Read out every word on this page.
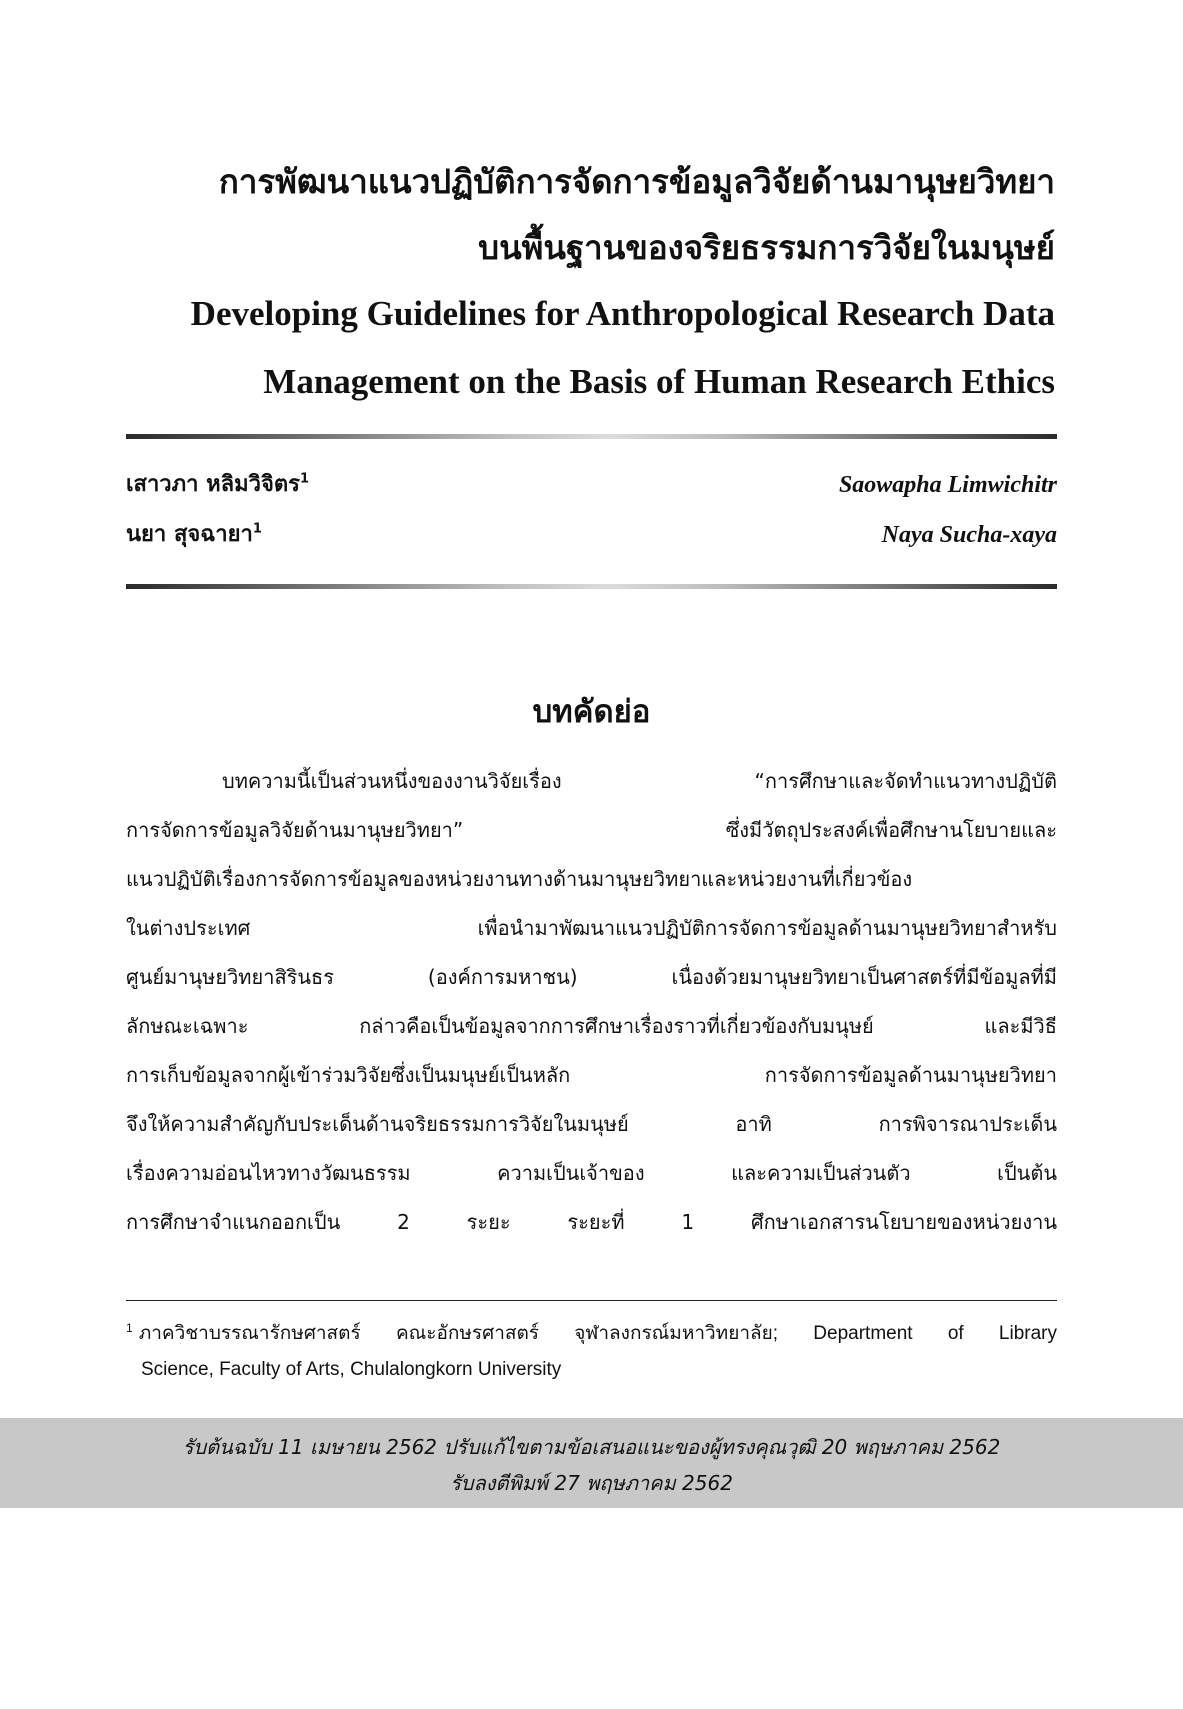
การพัฒนาแนวปฏิบัติการจัดการข้อมูลวิจัยด้านมานุษยวิทยา
บนพื้นฐานของจริยธรรมการวิจัยในมนุษย์
Developing Guidelines for Anthropological Research Data
Management on the Basis of Human Research Ethics
เสาวภา หลิมวิจิตร$^1$
นยา สุจฉายา$^1$
Saowapha Limwichitr
Naya Sucha-xaya
บทคัดย่อ
บทความนี้เป็นส่วนหนึ่งของงานวิจัยเรื่อง “การศึกษาและจัดทำแนวทางปฏิบัติ
การจัดการข้อมูลวิจัยด้านมานุษยวิทยา” ซึ่งมีวัตถุประสงค์เพื่อศึกษานโยบายและ
แนวปฏิบัติเรื่องการจัดการข้อมูลของหน่วยงานทางด้านมานุษยวิทยาและหน่วยงานที่เกี่ยวข้อง
ในต่างประเทศ เพื่อนำมาพัฒนาแนวปฏิบัติการจัดการข้อมูลด้านมานุษยวิทยาสำหรับ
ศูนย์มานุษยวิทยาสิรินธร (องค์การมหาชน) เนื่องด้วยมานุษยวิทยาเป็นศาสตร์ที่มีข้อมูลที่มี
ลักษณะเฉพาะ กล่าวคือเป็นข้อมูลจากการศึกษาเรื่องราวที่เกี่ยวข้องกับมนุษย์ และมีวิธี
การเก็บข้อมูลจากผู้เข้าร่วมวิจัยซึ่งเป็นมนุษย์เป็นหลัก การจัดการข้อมูลด้านมานุษยวิทยา
จึงให้ความสำคัญกับประเด็นด้านจริยธรรมการวิจัยในมนุษย์ อาทิ การพิจารณาประเด็น
เรื่องความอ่อนไหวทางวัฒนธรรม ความเป็นเจ้าของ และความเป็นส่วนตัว เป็นต้น
การศึกษาจำแนกออกเป็น 2 ระยะ ระยะที่ 1 ศึกษาเอกสารนโยบายของหน่วยงาน
$^1$ ภาควิชาบรรณารักษศาสตร์ คณะอักษรศาสตร์ จุฬาลงกรณ์มหาวิทยาลัย; Department of Library
Science, Faculty of Arts, Chulalongkorn University
รับต้นฉบับ 11 เมษายน 2562 ปรับแก้ไขตามข้อเสนอแนะของผู้ทรงคุณวุฒิ 20 พฤษภาคม 2562
รับลงตีพิมพ์ 27 พฤษภาคม 2562
